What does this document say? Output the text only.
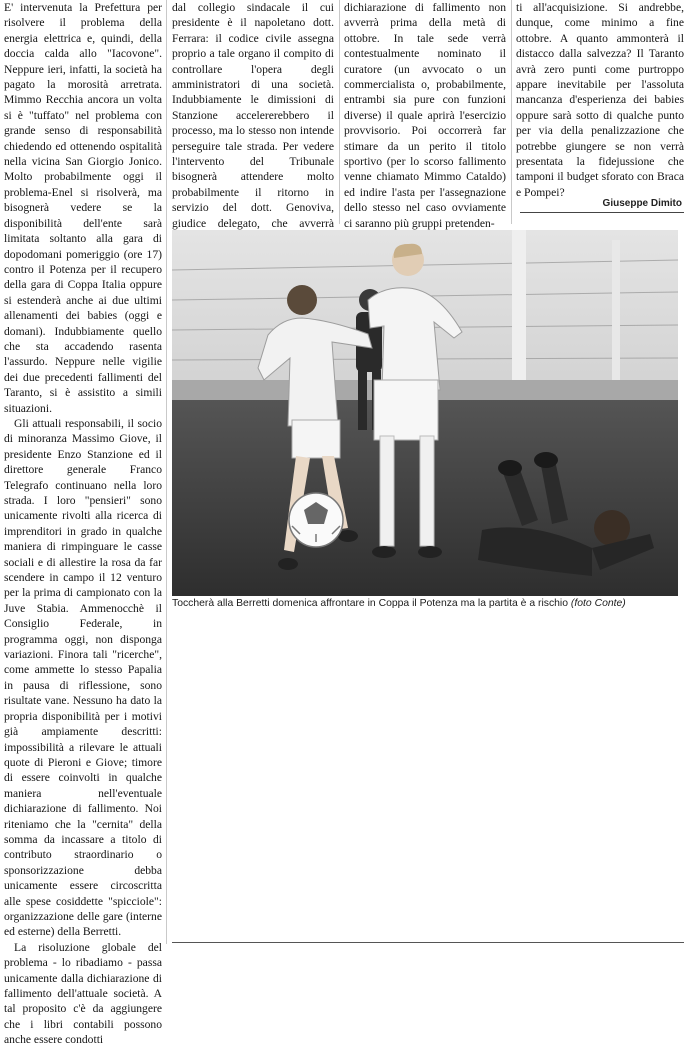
E' intervenuta la Prefettura per risolvere il problema della energia elettrica e, quindi, della doccia calda allo "Iacovone". Neppure ieri, infatti, la società ha pagato la morosità arretrata. Mimmo Recchia ancora un volta si è "tuffato" nel problema con grande senso di responsabilità chiedendo ed ottenendo ospitalità nella vicina San Giorgio Jonico. Molto probabilmente oggi il problema-Enel si risolverà, ma bisognerà vedere se la disponibilità dell'ente sarà limitata soltanto alla gara di dopodomani pomeriggio (ore 17) contro il Potenza per il recupero della gara di Coppa Italia oppure si estenderà anche ai due ultimi allenamenti dei babies (oggi e domani). Indubbiamente quello che sta accadendo rasenta l'assurdo. Neppure nelle vigilie dei due precedenti fallimenti del Taranto, si è assistito a simili situazioni.

Gli attuali responsabili, il socio di minoranza Massimo Giove, il presidente Enzo Stanzione ed il direttore generale Franco Telegrafo continuano nella loro strada. I loro "pensieri" sono unicamente rivolti alla ricerca di imprenditori in grado in qualche maniera di rimpinguare le casse sociali e di allestire la rosa da far scendere in campo il 12 venturo per la prima di campionato con la Juve Stabia. Ammenocchè il Consiglio Federale, in programma oggi, non disponga variazioni. Finora tali "ricerche", come ammette lo stesso Papalia in pausa di riflessione, sono risultate vane. Nessuno ha dato la propria disponibilità per i motivi già ampiamente descritti: impossibilità a rilevare le attuali quote di Pieroni e Giove; timore di essere coinvolti in qualche maniera nell'eventuale dichiarazione di fallimento. Noi riteniamo che la "cernita" della somma da incassare a titolo di contributo straordinario o sponsorizzazione debba unicamente essere circoscritta alle spese cosiddette "spicciole": organizzazione delle gare (interne ed esterne) della Berretti.

La risoluzione globale del problema - lo ribadiamo - passa unicamente dalla dichiarazione di fallimento dell'attuale società. A tal proposito c'è da aggiungere che i libri contabili possono anche essere condotti

dal collegio sindacale il cui presidente è il napoletano dott. Ferrara: il codice civile assegna proprio a tale organo il compito di controllare l'opera degli amministratori di una società. Indubbiamente le dimissioni di Stanzione accelererebbero il processo, ma lo stesso non intende perseguire tale strada. Per vedere l'intervento del Tribunale bisognerà attendere molto probabilmente il ritorno in servizio del dott. Genoviva, giudice delegato, che avverrà

dichiarazione di fallimento non avverrà prima della metà di ottobre. In tale sede verrà contestualmente nominato il curatore (un avvocato o un commercialista o, probabilmente, entrambi sia pure con funzioni diverse) il quale aprirà l'esercizio provvisorio. Poi occorrerà far stimare da un perito il titolo sportivo (per lo scorso fallimento venne chiamato Mimmo Cataldo) ed indire l'asta per l'assegnazione dello stesso nel caso ovviamente ci saranno più gruppi pretenden-

ti all'acquisizione. Si andrebbe, dunque, come minimo a fine ottobre. A quanto ammonterà il distacco dalla salvezza? Il Taranto avrà zero punti come purtroppo appare inevitabile per l'assoluta mancanza d'esperienza dei babies oppure sarà sotto di qualche punto per via della penalizzazione che potrebbe giungere se non verrà presentata la fidejussione che tamponi il budget sforato con Braca e Pompei?

Giuseppe Dimito
Toccherà alla Berretti domenica affrontare in Coppa il Potenza ma la partita è a rischio (foto Conte)
